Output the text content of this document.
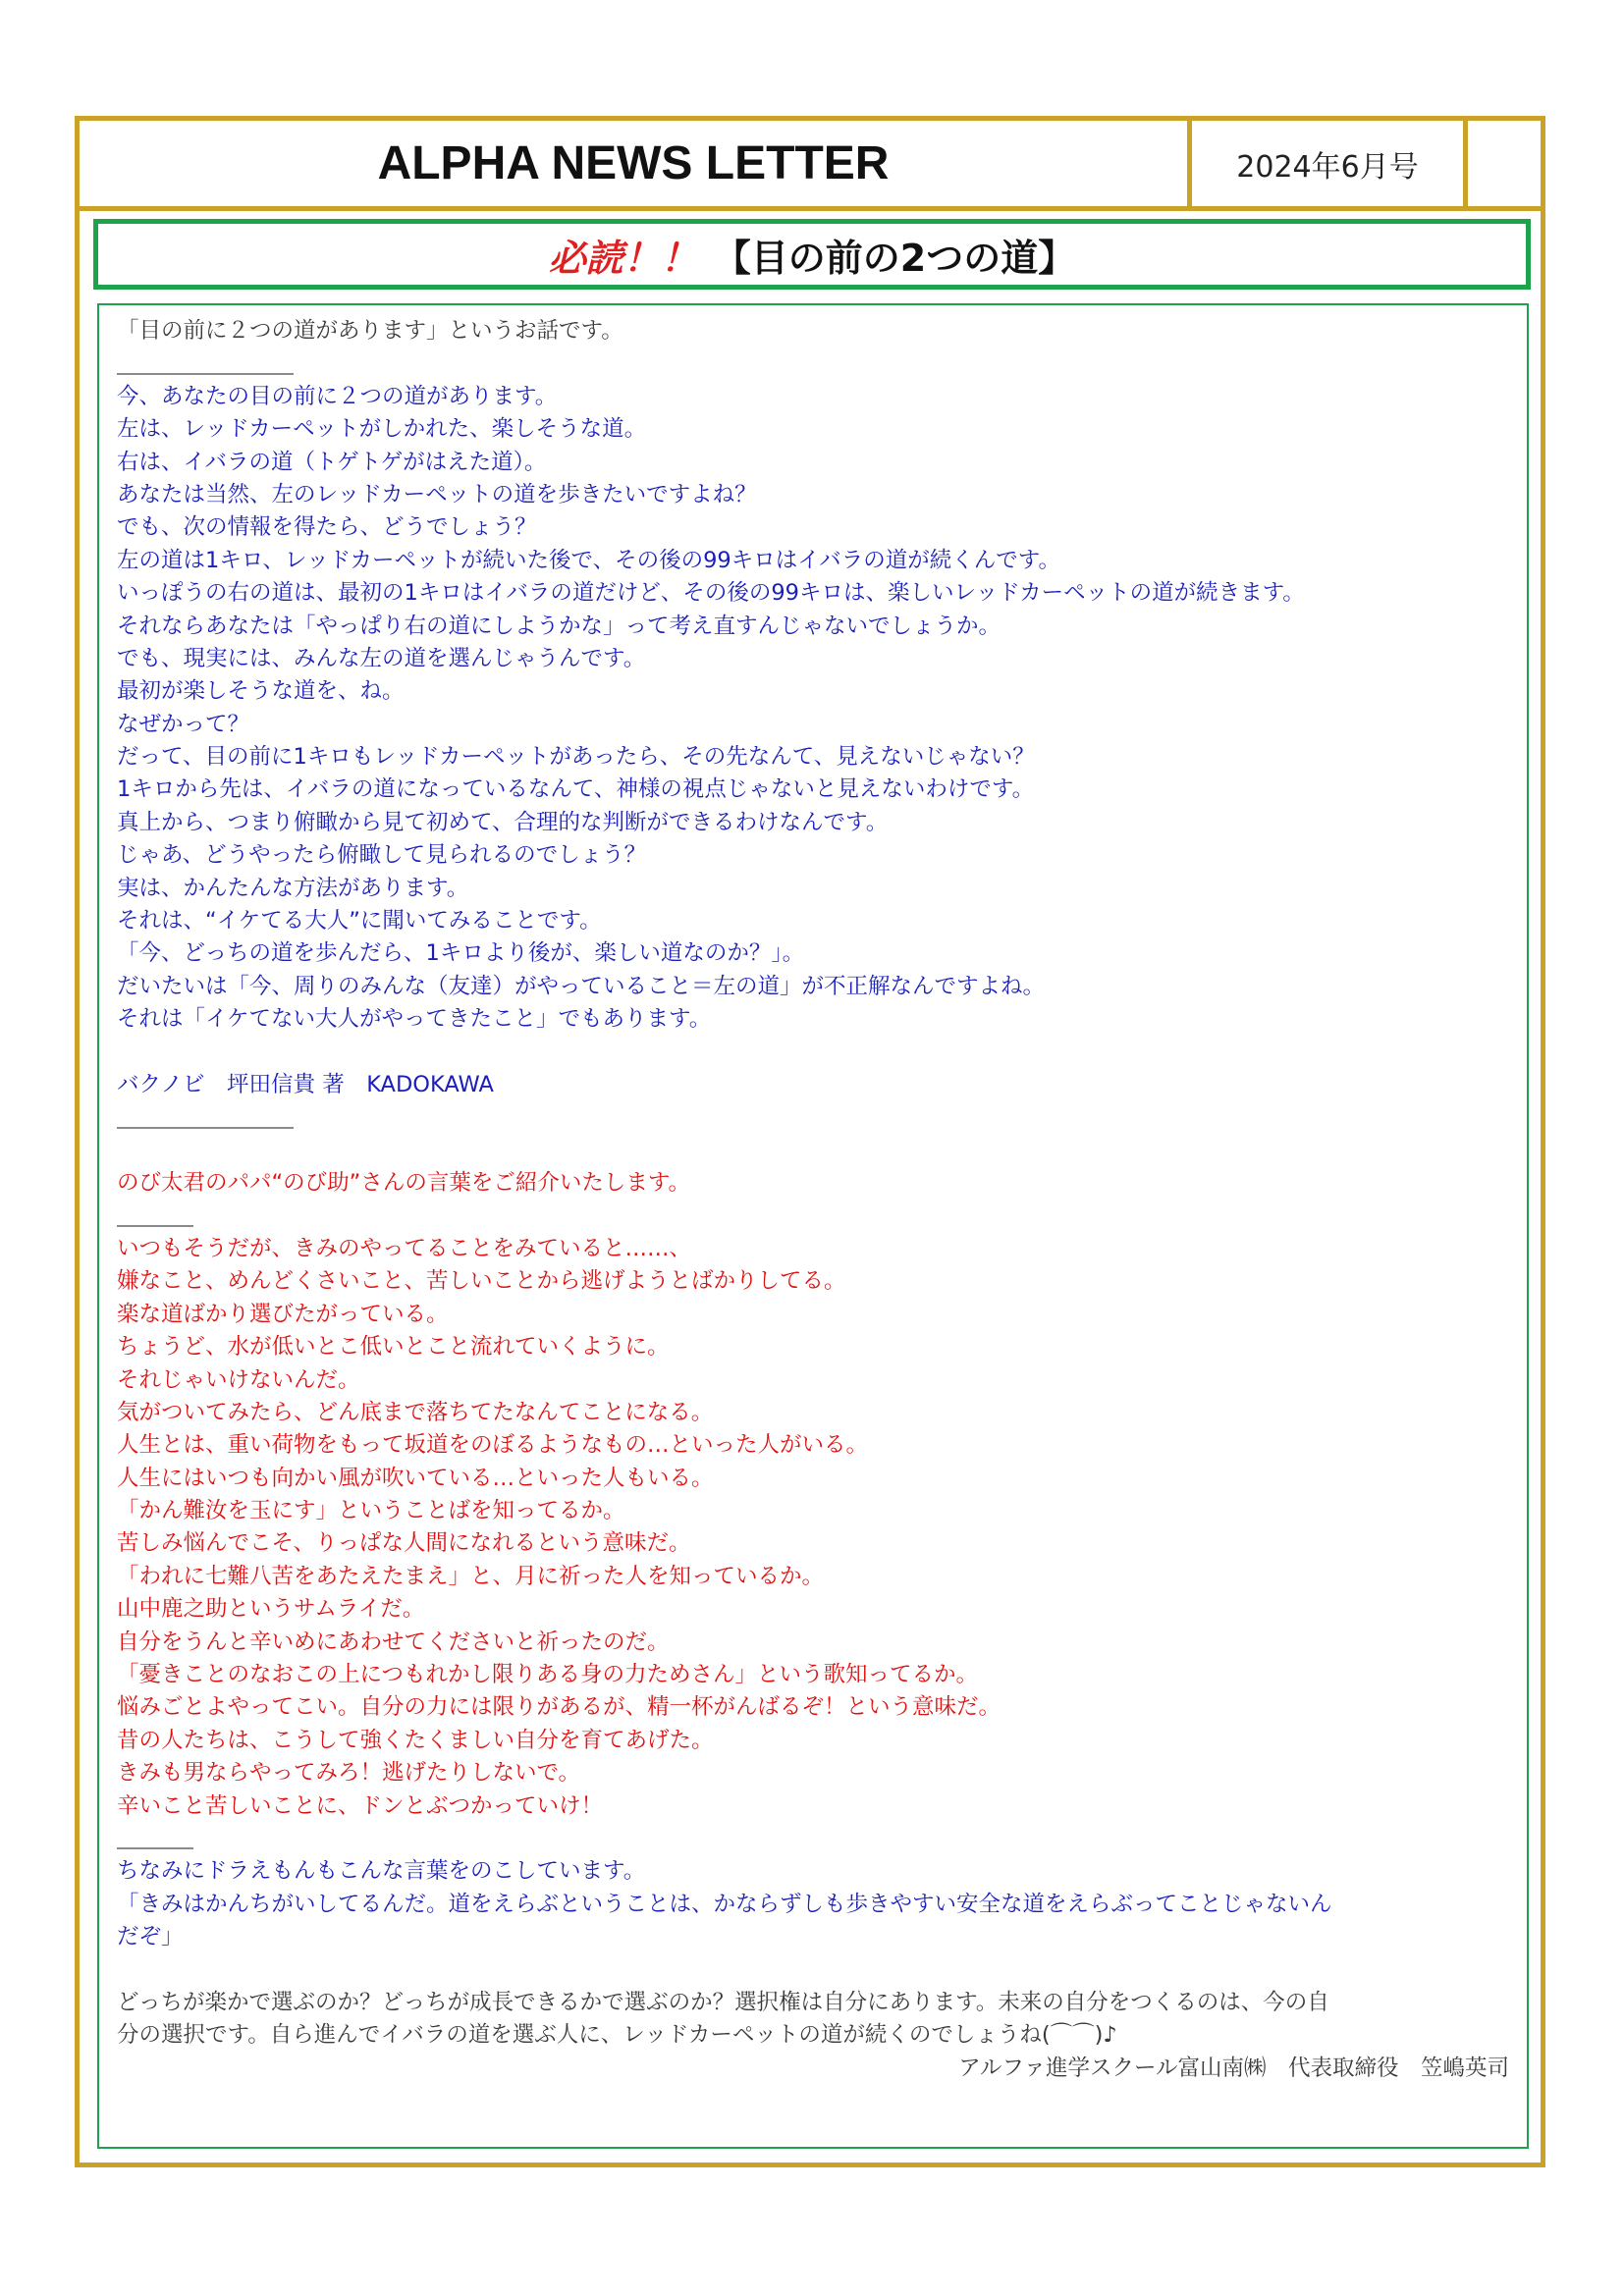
ALPHA NEWS LETTER	2024年6月号
必読！！ 【目の前の2つの道】
「目の前に２つの道があります」というお話です。
今、あなたの目の前に２つの道があります。
左は、レッドカーペットがしかれた、楽しそうな道。
右は、イバラの道（トゲトゲがはえた道）。
あなたは当然、左のレッドカーペットの道を歩きたいですよね？
でも、次の情報を得たら、どうでしょう？
左の道は1キロ、レッドカーペットが続いた後で、その後の99キロはイバラの道が続くんです。
いっぽうの右の道は、最初の1キロはイバラの道だけど、その後の99キロは、楽しいレッドカーペットの道が続きます。
それならあなたは「やっぱり右の道にしようかな」って考え直すんじゃないでしょうか。
でも、現実には、みんな左の道を選んじゃうんです。
最初が楽しそうな道を、ね。
なぜかって？
だって、目の前に1キロもレッドカーペットがあったら、その先なんて、見えないじゃない？
1キロから先は、イバラの道になっているなんて、神様の視点じゃないと見えないわけです。
真上から、つまり俯瞰から見て初めて、合理的な判断ができるわけなんです。
じゃあ、どうやったら俯瞰して見られるのでしょう？
実は、かんたんな方法があります。
それは、“イケてる大人”に聞いてみることです。
「今、どっちの道を歩んだら、1キロより後が、楽しい道なのか？」。
だいたいは「今、周りのみんな（友達）がやっていること＝左の道」が不正解なんですよね。
それは「イケてない大人がやってきたこと」でもあります。
バクノビ　坪田信貴 著　KADOKAWA
のび太君のパパ“のび助”さんの言葉をご紹介いたします。
いつもそうだが、きみのやってることをみていると……、
嫌なこと、めんどくさいこと、苦しいことから逃げようとばかりしてる。
楽な道ばかり選びたがっている。
ちょうど、水が低いとこ低いとこと流れていくように。
それじゃいけないんだ。
気がついてみたら、どん底まで落ちてたなんてことになる。
人生とは、重い荷物をもって坂道をのぼるようなもの…といった人がいる。
人生にはいつも向かい風が吹いている…といった人もいる。
「かん難汝を玉にす」ということばを知ってるか。
苦しみ悩んでこそ、りっぱな人間になれるという意味だ。
「われに七難八苦をあたえたまえ」と、月に祈った人を知っているか。
山中鹿之助というサムライだ。
自分をうんと辛いめにあわせてくださいと祈ったのだ。
「憂きことのなおこの上につもれかし限りある身の力ためさん」という歌知ってるか。
悩みごとよやってこい。自分の力には限りがあるが、精一杯がんばるぞ！という意味だ。
昔の人たちは、こうして強くたくましい自分を育てあげた。
きみも男ならやってみろ！逃げたりしないで。
辛いこと苦しいことに、ドンとぶつかっていけ！
ちなみにドラえもんもこんな言葉をのこしています。
「きみはかんちがいしてるんだ。道をえらぶということは、かならずしも歩きやすい安全な道をえらぶってことじゃないん
だぞ」
どっちが楽かで選ぶのか？どっちが成長できるかで選ぶのか？選択権は自分にあります。未来の自分をつくるのは、今の自
分の選択です。自ら進んでイバラの道を選ぶ人に、レッドカーペットの道が続くのでしょうね(⌒⌒)♪
アルファ進学スクール富山南㈱　代表取締役　笠嶋英司
